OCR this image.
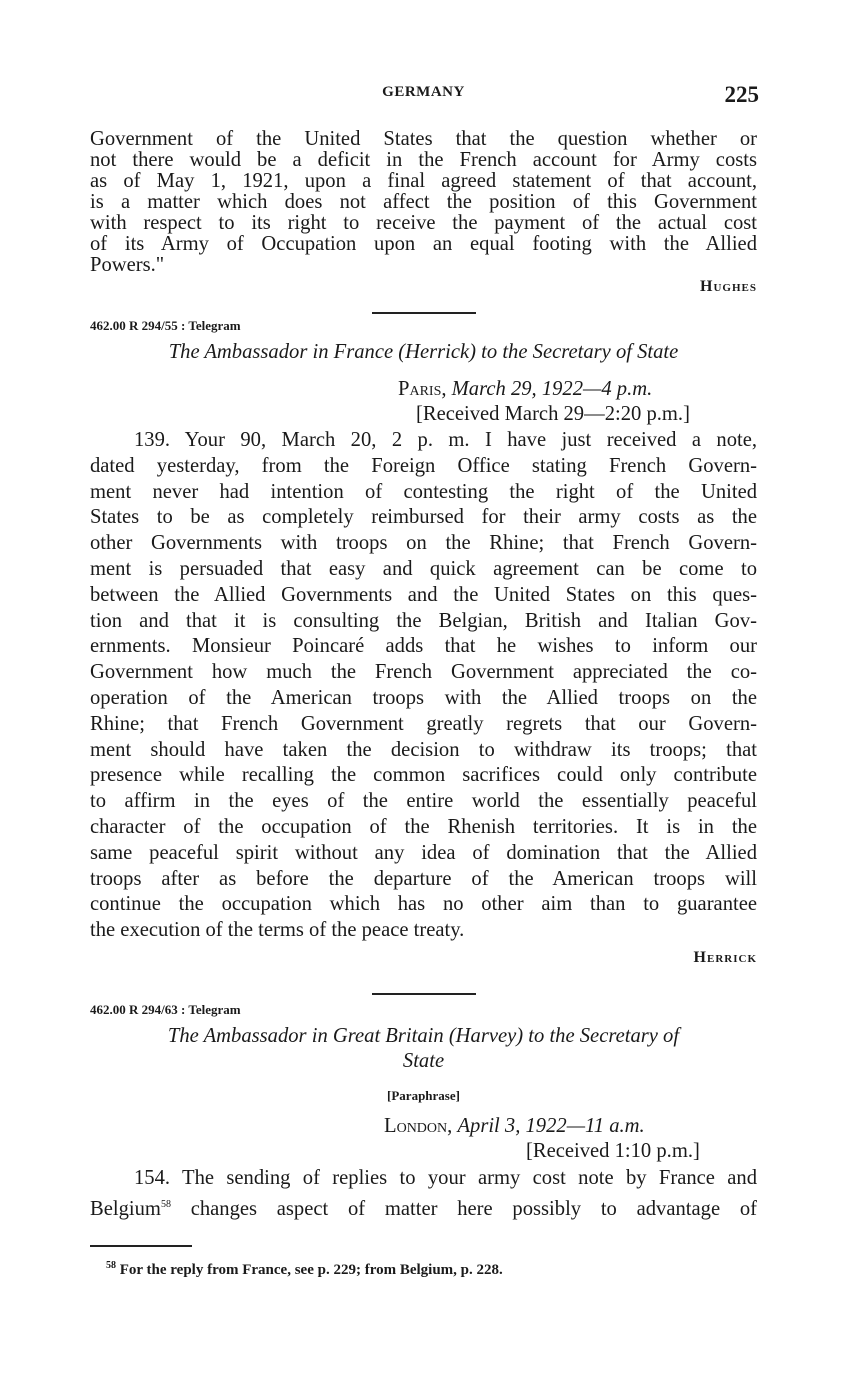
GERMANY	225
Government of the United States that the question whether or
not there would be a deficit in the French account for Army costs
as of May 1, 1921, upon a final agreed statement of that account,
is a matter which does not affect the position of this Government
with respect to its right to receive the payment of the actual cost
of its Army of Occupation upon an equal footing with the Allied
Powers."
Hughes
462.00 R 294/55 : Telegram
The Ambassador in France (Herrick) to the Secretary of State
Paris, March 29, 1922—4 p.m.
[Received March 29—2:20 p.m.]
139. Your 90, March 20, 2 p. m. I have just received a note,
dated yesterday, from the Foreign Office stating French Govern-
ment never had intention of contesting the right of the United
States to be as completely reimbursed for their army costs as the
other Governments with troops on the Rhine; that French Govern-
ment is persuaded that easy and quick agreement can be come to
between the Allied Governments and the United States on this ques-
tion and that it is consulting the Belgian, British and Italian Gov-
ernments. Monsieur Poincaré adds that he wishes to inform our
Government how much the French Government appreciated the co-
operation of the American troops with the Allied troops on the
Rhine; that French Government greatly regrets that our Govern-
ment should have taken the decision to withdraw its troops; that
presence while recalling the common sacrifices could only contribute
to affirm in the eyes of the entire world the essentially peaceful
character of the occupation of the Rhenish territories. It is in the
same peaceful spirit without any idea of domination that the Allied
troops after as before the departure of the American troops will
continue the occupation which has no other aim than to guarantee
the execution of the terms of the peace treaty.
Herrick
462.00 R 294/63 : Telegram
The Ambassador in Great Britain (Harvey) to the Secretary of
State
[Paraphrase]
London, April 3, 1922—11 a.m.
[Received 1:10 p.m.]
154. The sending of replies to your army cost note by France and
Belgium$^{58}$ changes aspect of matter here possibly to advantage of
$^{58}$ For the reply from France, see p. 229; from Belgium, p. 228.
